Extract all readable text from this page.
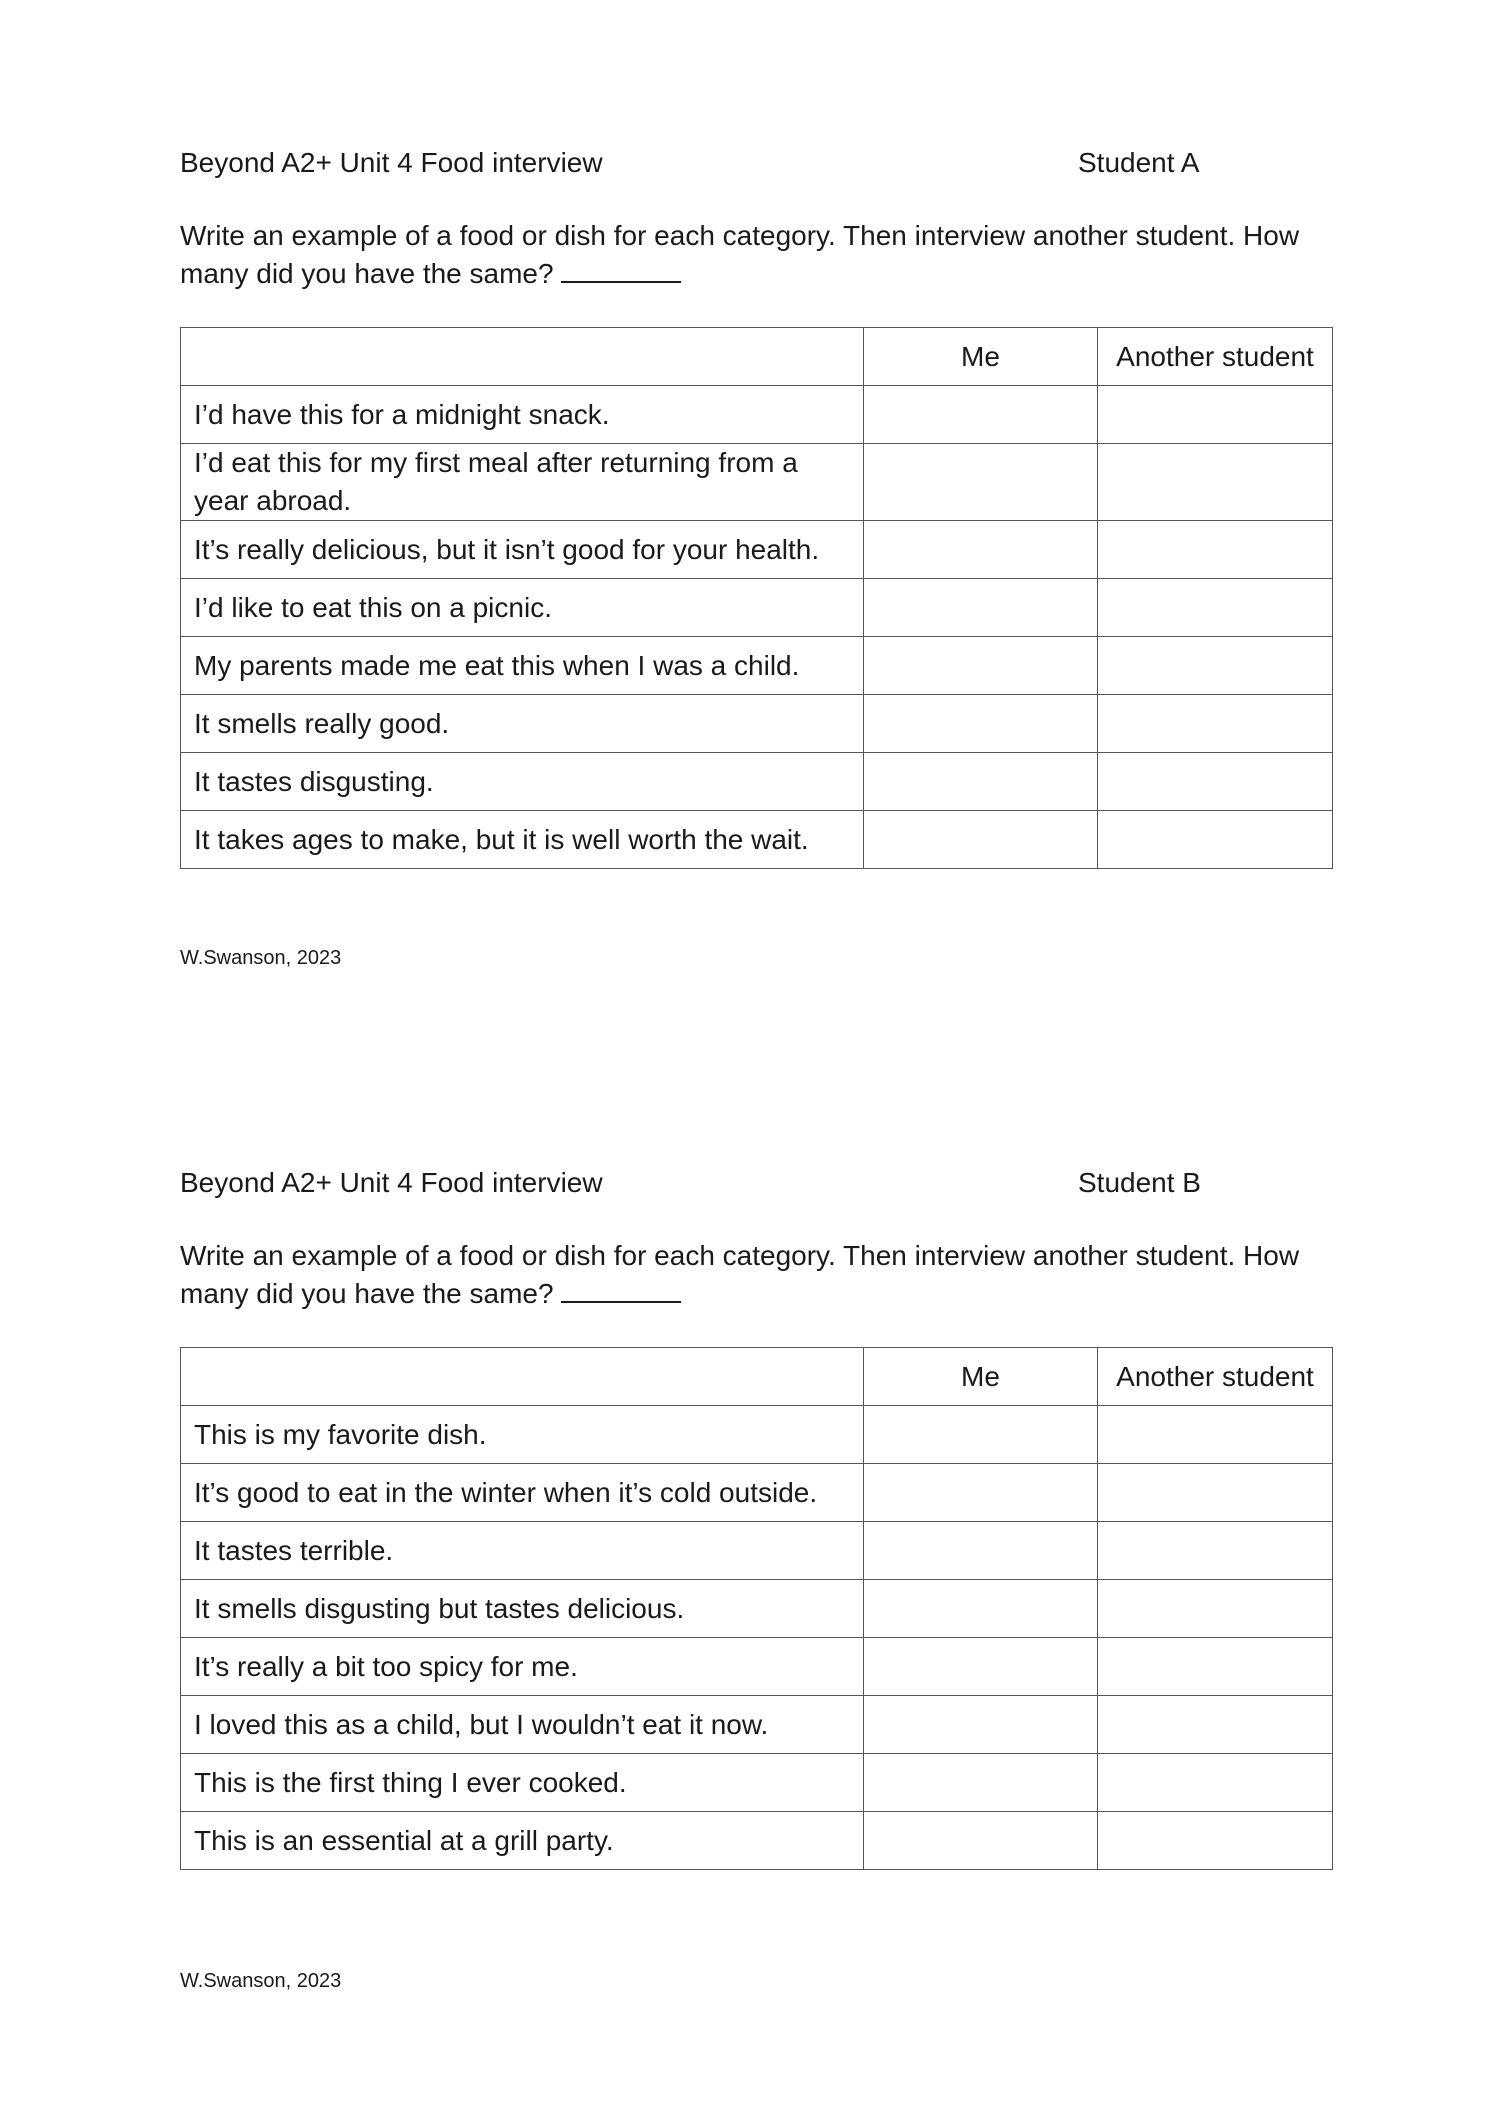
Beyond A2+ Unit 4 Food interview	Student A
Write an example of a food or dish for each category. Then interview another student. How many did you have the same?
	Me	Another student
I’d have this for a midnight snack.		
I’d eat this for my first meal after returning from a year abroad.		
It’s really delicious, but it isn’t good for your health.		
I’d like to eat this on a picnic.		
My parents made me eat this when I was a child.		
It smells really good.		
It tastes disgusting.		
It takes ages to make, but it is well worth the wait.		
W.Swanson, 2023
Beyond A2+ Unit 4 Food interview	Student B
Write an example of a food or dish for each category. Then interview another student. How many did you have the same?
	Me	Another student
This is my favorite dish.		
It’s good to eat in the winter when it’s cold outside.		
It tastes terrible.		
It smells disgusting but tastes delicious.		
It’s really a bit too spicy for me.		
I loved this as a child, but I wouldn’t eat it now.		
This is the first thing I ever cooked.		
This is an essential at a grill party.		
W.Swanson, 2023
